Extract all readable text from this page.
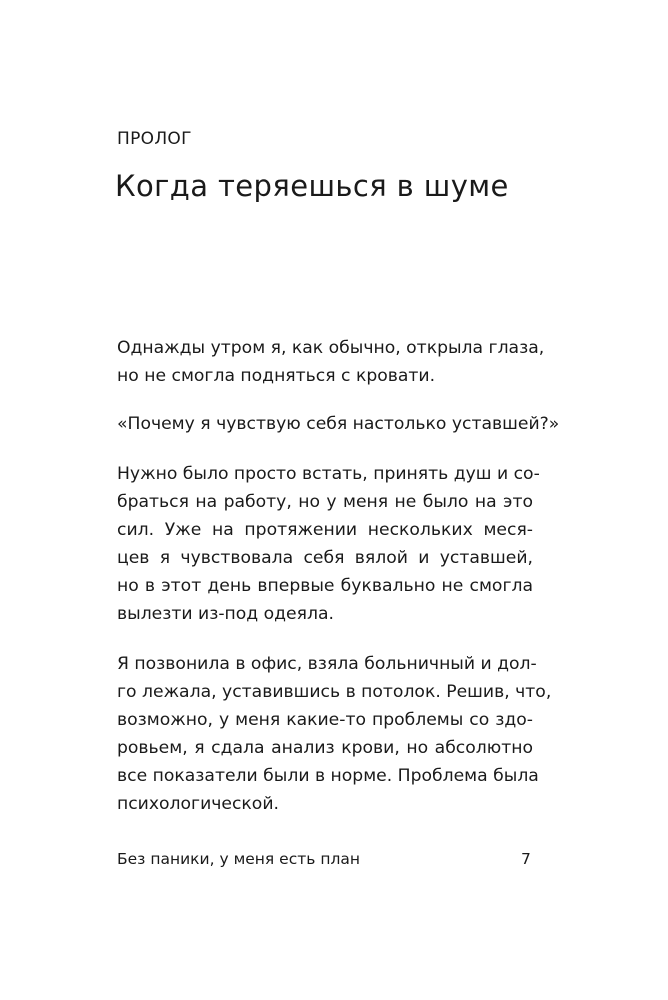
ПРОЛОГ
Когда теряешься в шуме

Однажды утром я, как обычно, открыла глаза,
но не смогла подняться с кровати.

«Почему я чувствую себя настолько уставшей?»

Нужно было просто встать, принять душ и со-
браться на работу, но у меня не было на это
сил. Уже на протяжении нескольких меся-
цев я чувствовала себя вялой и уставшей,
но в этот день впервые буквально не смогла
вылезти из-под одеяла.

Я позвонила в офис, взяла больничный и дол-
го лежала, уставившись в потолок. Решив, что,
возможно, у меня какие-то проблемы со здо-
ровьем, я сдала анализ крови, но абсолютно
все показатели были в норме. Проблема была
психологической.

Без паники, у меня есть план	7
